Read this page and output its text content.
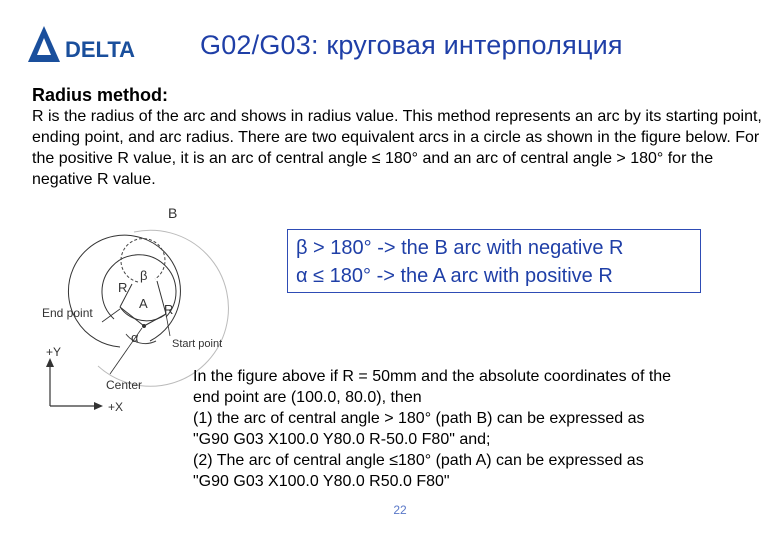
DELTA G02/G03: круговая интерполяция
Radius method:
R is the radius of the arc and shows in radius value. This method represents an arc by its starting point, ending point, and arc radius. There are two equivalent arcs in a circle as shown in the figure below. For the positive R value, it is an arc of central angle ≤ 180° and an arc of central angle > 180° for the negative R value.
B
A
R
R
β
α
End point
Start point
Center
+Y
+X
β > 180° -> the B arc with negative R
α ≤ 180° -> the A arc with positive R
In the figure above if R = 50mm and the absolute coordinates of the
end point are (100.0, 80.0), then
(1) the arc of central angle > 180° (path B) can be expressed as
"G90 G03 X100.0 Y80.0 R-50.0 F80" and;
(2) The arc of central angle ≤180° (path A) can be expressed as
"G90 G03 X100.0 Y80.0 R50.0 F80"
22
